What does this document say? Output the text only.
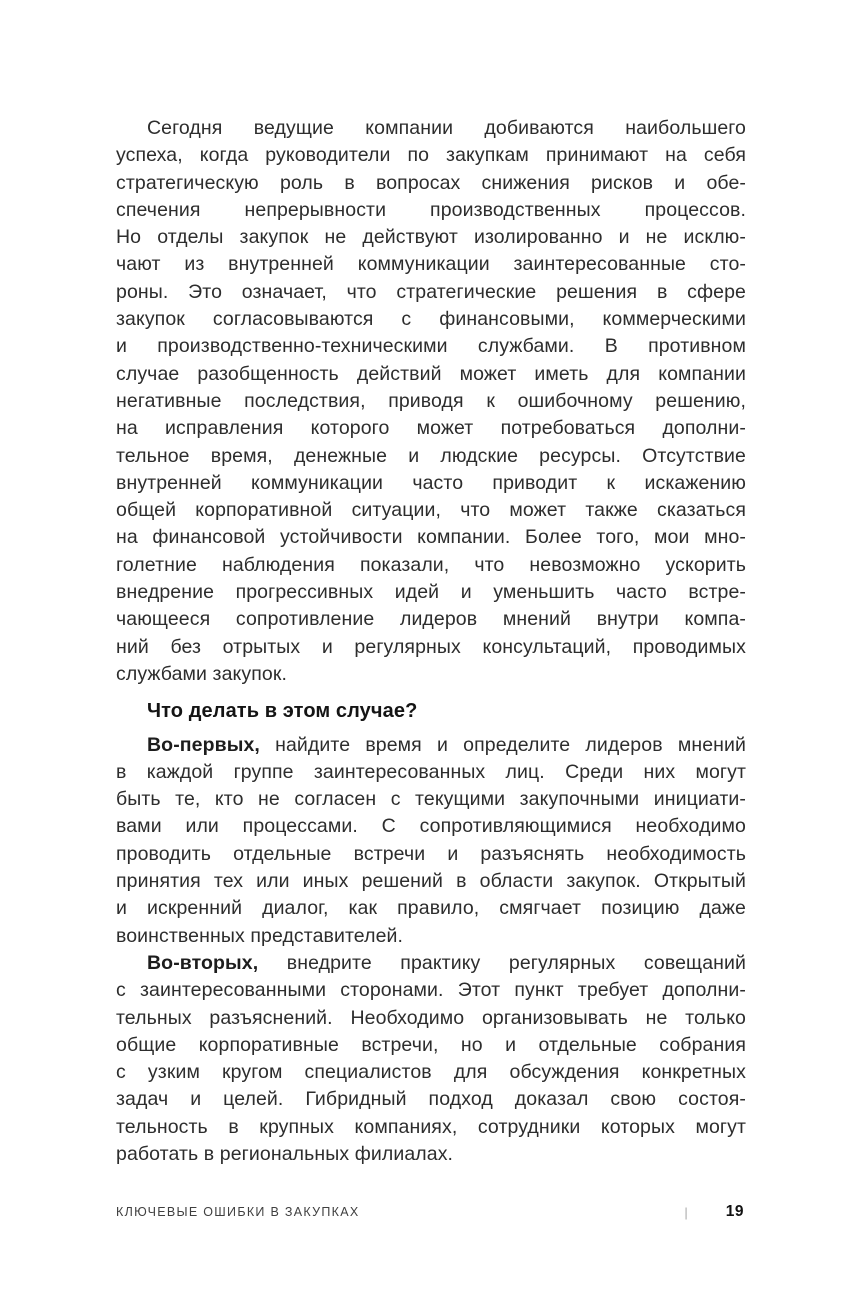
Сегодня ведущие компании добиваются наибольшего
успеха, когда руководители по закупкам принимают на себя
стратегическую роль в вопросах снижения рисков и обе-
спечения непрерывности производственных процессов.
Но отделы закупок не действуют изолированно и не исклю-
чают из внутренней коммуникации заинтересованные сто-
роны. Это означает, что стратегические решения в сфере
закупок согласовываются с финансовыми, коммерческими
и производственно-техническими службами. В противном
случае разобщенность действий может иметь для компании
негативные последствия, приводя к ошибочному решению,
на исправления которого может потребоваться дополни-
тельное время, денежные и людские ресурсы. Отсутствие
внутренней коммуникации часто приводит к искажению
общей корпоративной ситуации, что может также сказаться
на финансовой устойчивости компании. Более того, мои мно-
голетние наблюдения показали, что невозможно ускорить
внедрение прогрессивных идей и уменьшить часто встре-
чающееся сопротивление лидеров мнений внутри компа-
ний без отрытых и регулярных консультаций, проводимых
службами закупок.
Что делать в этом случае?
Во-первых, найдите время и определите лидеров мнений
в каждой группе заинтересованных лиц. Среди них могут
быть те, кто не согласен с текущими закупочными инициати-
вами или процессами. С сопротивляющимися необходимо
проводить отдельные встречи и разъяснять необходимость
принятия тех или иных решений в области закупок. Открытый
и искренний диалог, как правило, смягчает позицию даже
воинственных представителей.
Во-вторых, внедрите практику регулярных совещаний
с заинтересованными сторонами. Этот пункт требует дополни-
тельных разъяснений. Необходимо организовывать не только
общие корпоративные встречи, но и отдельные собрания
с узким кругом специалистов для обсуждения конкретных
задач и целей. Гибридный подход доказал свою состоя-
тельность в крупных компаниях, сотрудники которых могут
работать в региональных филиалах.
КЛЮЧЕВЫЕ ОШИБКИ В ЗАКУПКАХ	| 19
